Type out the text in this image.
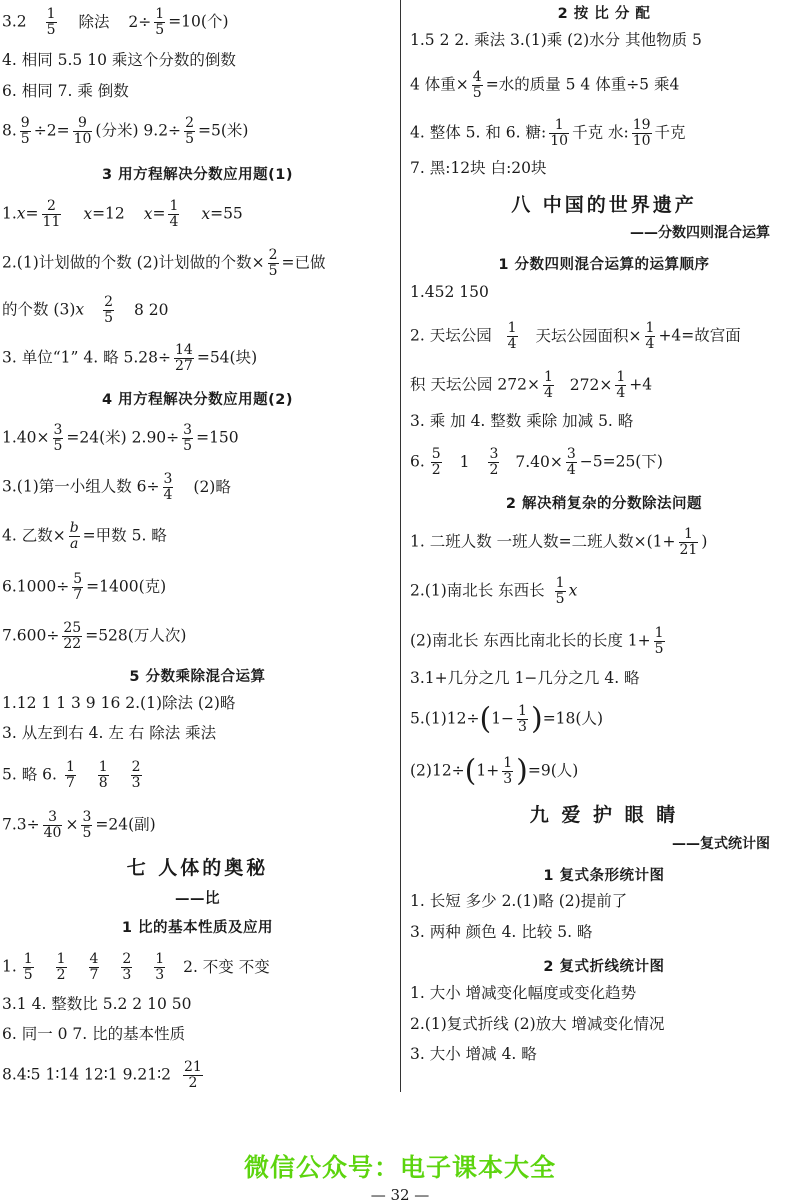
$3.2 \frac{1}{5}$ 除法 $2\div \frac{1}{5} =10$(个)
4. 相同 5.5 10 乘这个分数的倒数
6. 相同 7. 乘 倒数
8. $\frac{9}{5} \div 2= \frac{9}{10}$ (分米) $9.2\div \frac{2}{5} =5$(米)
3 用方程解决分数应用题(1)
$1.x= \frac{2}{11} x=12$ $x= \frac{1}{4} x=55$
2.(1)计划做的个数 (2)计划做的个数× $\frac{2}{5}$ =已做
的个数 $(3)x \frac{2}{5} 8$ 20
3. 单位“1” 4. 略 $5.28\div \frac{14}{27} =54$(块)
4 用方程解决分数应用题(2)
$1.40\times \frac{3}{5} =24$(米) $2.90\div \frac{3}{5} =150$
3.(1)第一小组人数 $6\div \frac{3}{4} (2)$略
4. 乙数× $\frac{b}{a}$ =甲数 5. 略
$6.1000\div \frac{5}{7} =1400$(克)
$7.600\div \frac{25}{22} =528$(万人次)
5 分数乘除混合运算
1.12 1 1 3 9 16 2.(1)除法 (2)略
3. 从左到右 4. 左 右 除法 乘法
5. 略 6. $\frac{1}{7}$
$\frac{1}{8}$
$\frac{2}{3}$
$7.3\div \frac{3}{40} \times \frac{3}{5} =24$(副)
七 人体的奥秘
——比
1 比的基本性质及应用
1. $\frac{1}{5}$
$\frac{1}{2}$
$\frac{4}{7}$
$\frac{2}{3}$
$\frac{1}{3} 2$. 不变 不变
3.1 4. 整数比 5.2 2 10 50
6. 同一 0 7. 比的基本性质
8.4∶5 1∶14 12∶1 9.21∶2 $\frac{21}{2}$
2 按 比 分 配
1.5 2 2. 乘法 3.(1)乘 (2)水分 其他物质 5
4 体重× $\frac{4}{5}$ =水的质量 5 4 体重÷5 乘4
4. 整体 5. 和 6. 糖: $\frac{1}{10}$ 千克 水: $\frac{19}{10}$ 千克
7. 黑:12块 白:20块
八 中国的世界遗产
——分数四则混合运算
1 分数四则混合运算的运算顺序
1.452 150
2. 天坛公园 $\frac{1}{4}$ 天坛公园面积× $\frac{1}{4} +4=$故宫面
积 天坛公园 $272\times \frac{1}{4} 272\times \frac{1}{4} +4$
3. 乘 加 4. 整数 乘除 加减 5. 略
6. $\frac{5}{2} 1 \frac{3}{2} 7.40\times \frac{3}{4} -5=25$(下)
2 解决稍复杂的分数除法问题
1. 二班人数 一班人数=二班人数$\times(1+ \frac{1}{21}$ )
2.(1)南北长 东西长 $\frac{1}{5}$ x
(2)南北长 东西比南北长的长度 $1+ \frac{1}{5}$
3.1+几分之几 1−几分之几 4. 略
$5.(1)12\div(1- \frac{1}{3} )=18$(人)
$(2)12\div(1+ \frac{1}{3} )=9$(人)
九 爱 护 眼 睛
——复式统计图
1 复式条形统计图
1. 长短 多少 2.(1)略 (2)提前了
3. 两种 颜色 4. 比较 5. 略
2 复式折线统计图
1. 大小 增减变化幅度或变化趋势
2.(1)复式折线 (2)放大 增减变化情况
3. 大小 增减 4. 略
微信公众号：电子课本大全
— 32 —
